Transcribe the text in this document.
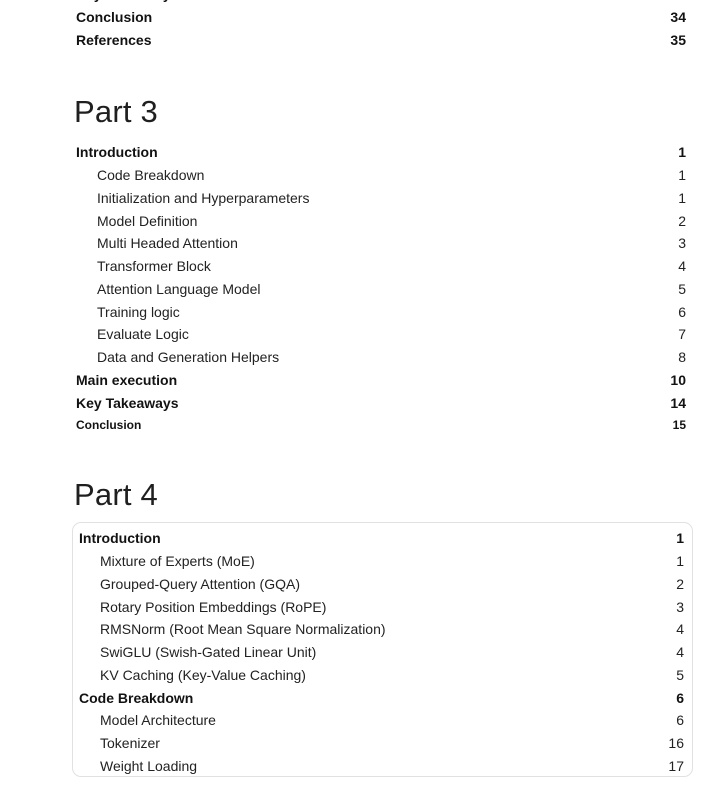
Conclusion	34
References	35
Part 3
Introduction	1
Code Breakdown	1
Initialization and Hyperparameters	1
Model Definition	2
Multi Headed Attention	3
Transformer Block	4
Attention Language Model	5
Training logic	6
Evaluate Logic	7
Data and Generation Helpers	8
Main execution	10
Key Takeaways	14
Conclusion	15
Part 4
Introduction	1
Mixture of Experts (MoE)	1
Grouped-Query Attention (GQA)	2
Rotary Position Embeddings (RoPE)	3
RMSNorm (Root Mean Square Normalization)	4
SwiGLU (Swish-Gated Linear Unit)	4
KV Caching (Key-Value Caching)	5
Code Breakdown	6
Model Architecture	6
Tokenizer	16
Weight Loading	17
